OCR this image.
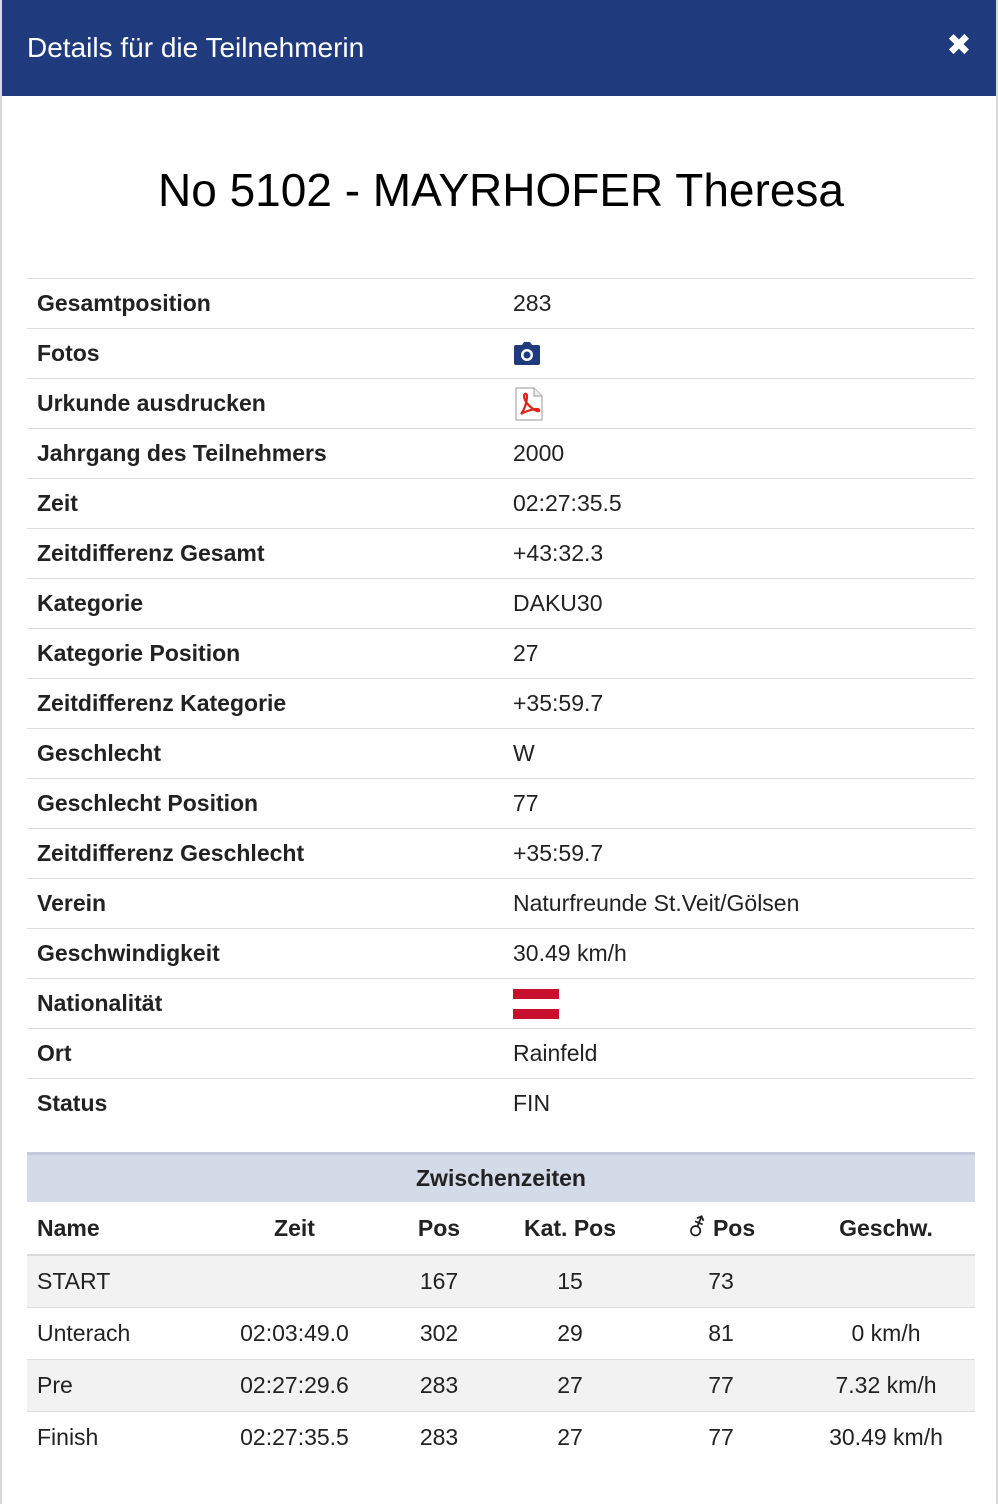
Details für die Teilnehmerin	✖
No 5102 - MAYRHOFER Theresa
Gesamtposition	283
Fotos	

Urkunde ausdrucken	

Jahrgang des Teilnehmers	2000
Zeit	02:27:35.5
Zeitdifferenz Gesamt	+43:32.3
Kategorie	DAKU30
Kategorie Position	27
Zeitdifferenz Kategorie	+35:59.7
Geschlecht	W
Geschlecht Position	77
Zeitdifferenz Geschlecht	+35:59.7
Verein	Naturfreunde St.Veit/Gölsen
Geschwindigkeit	30.49 km/h
Nationalität	

Ort	Rainfeld
Status	FIN
Zwischenzeiten
Name	Zeit	Pos	Kat. Pos	⚦ Pos	Geschw.
START		167	15	73	
Unterach	02:03:49.0	302	29	81	0 km/h
Pre	02:27:29.6	283	27	77	7.32 km/h
Finish	02:27:35.5	283	27	77	30.49 km/h
